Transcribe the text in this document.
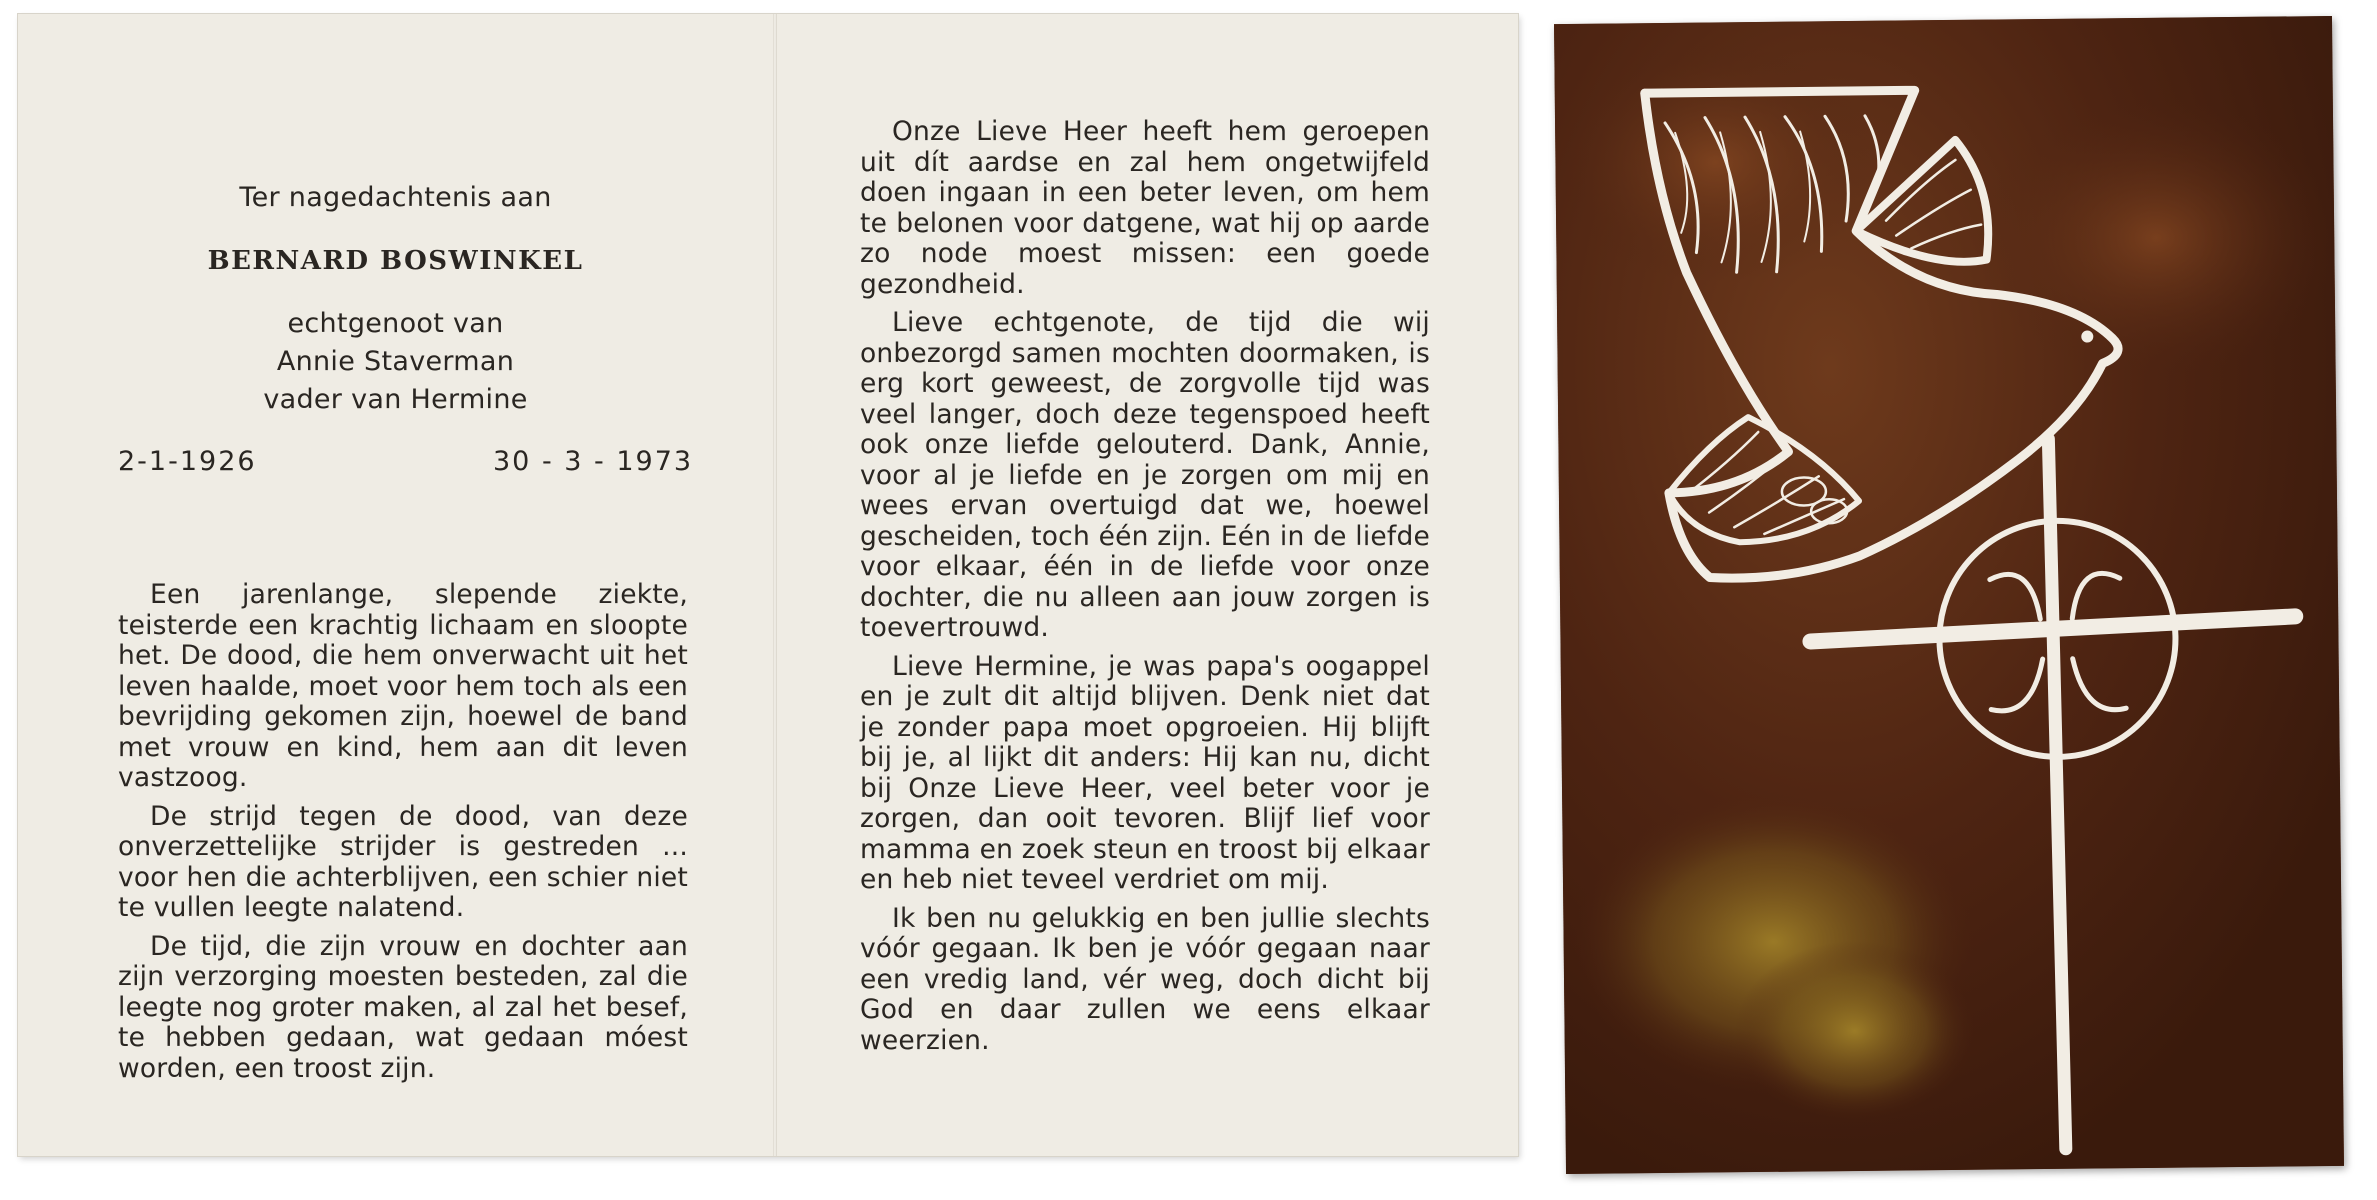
Ter nagedachtenis aan
BERNARD BOSWINKEL
echtgenoot van
Annie Staverman
vader van Hermine
2-1-1926	30 - 3 - 1973

Een jarenlange, slepende ziekte, teisterde een krachtig lichaam en sloopte het. De dood, die hem onverwacht uit het leven haalde, moet voor hem toch als een bevrijding gekomen zijn, hoewel de band met vrouw en kind, hem aan dit leven vastzoog.

De strijd tegen de dood, van deze onverzettelijke strijder is gestreden ... voor hen die achterblijven, een schier niet te vullen leegte nalatend.

De tijd, die zijn vrouw en dochter aan zijn verzorging moesten besteden, zal die leegte nog groter maken, al zal het besef, te hebben gedaan, wat gedaan móest worden, een troost zijn.

Onze Lieve Heer heeft hem geroepen uit dít aardse en zal hem ongetwijfeld doen ingaan in een beter leven, om hem te belonen voor datgene, wat hij op aarde zo node moest missen: een goede gezondheid.

Lieve echtgenote, de tijd die wij onbezorgd samen mochten doormaken, is erg kort geweest, de zorgvolle tijd was veel langer, doch deze tegenspoed heeft ook onze liefde gelouterd. Dank, Annie, voor al je liefde en je zorgen om mij en wees ervan overtuigd dat we, hoewel gescheiden, toch één zijn. Eén in de liefde voor elkaar, één in de liefde voor onze dochter, die nu alleen aan jouw zorgen is toevertrouwd.

Lieve Hermine, je was papa's oogappel en je zult dit altijd blijven. Denk niet dat je zonder papa moet opgroeien. Hij blijft bij je, al lijkt dit anders: Hij kan nu, dicht bij Onze Lieve Heer, veel beter voor je zorgen, dan ooit tevoren. Blijf lief voor mamma en zoek steun en troost bij elkaar en heb niet teveel verdriet om mij.

Ik ben nu gelukkig en ben jullie slechts vóór gegaan. Ik ben je vóór gegaan naar een vredig land, vér weg, doch dicht bij God en daar zullen we eens elkaar weerzien.
